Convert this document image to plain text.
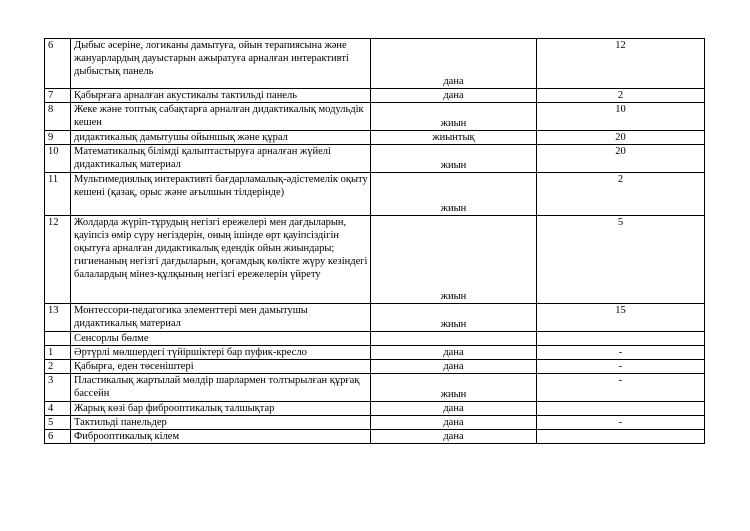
6	Дыбыс әсеріне, логиканы дамытуға, ойын терапиясына және жануарлардың дауыстарын ажыратуға арналған интерактивті дыбыстық панель	дана	12
7	Қабырғаға арналған акустикалы тактильді панель	дана	2
8	Жеке және топтық сабақтарға арналған дидактикалық модульдік кешен	жиын	10
9	дидактикалық дамытушы ойыншық және құрал	жиынтық	20
10	Математикалық білімді қалыптастыруға арналған жүйелі дидактикалық материал	жиын	20
11	Мультимедиялық интерактивті бағдарламалық-әдістемелік оқыту кешені (қазақ, орыс және ағылшын тілдерінде)	жиын	2
12	Жолдарда жүріп-тұрудың негізгі ережелері мен дағдыларын, қауіпсіз өмір сүру негіздерін, оның ішінде өрт қауіпсіздігін оқытуға арналған дидактикалық едендік ойын жиындары; гигиенаның негізгі дағдыларын, қоғамдық көлікте жүру кезіндегі балалардың мінез-құлқының негізгі ережелерін үйрету	жиын	5
13	Монтессори-педагогика элементтері мен дамытушы дидактикалық материал	жиын	15
	Сенсорлы бөлме		
1	Әртүрлі мөлшердегі түйіршіктері бар пуфик-кресло	дана	-
2	Қабырға, еден төсеніштері	дана	-
3	Пластикалық жартылай мөлдір шарлармен толтырылған құрғақ бассейн	жиын	-
4	Жарық көзі бар фиброоптикалық талшықтар	дана	
5	Тактильді панельдер	дана	-
6	Фиброоптикалық кілем	дана	
